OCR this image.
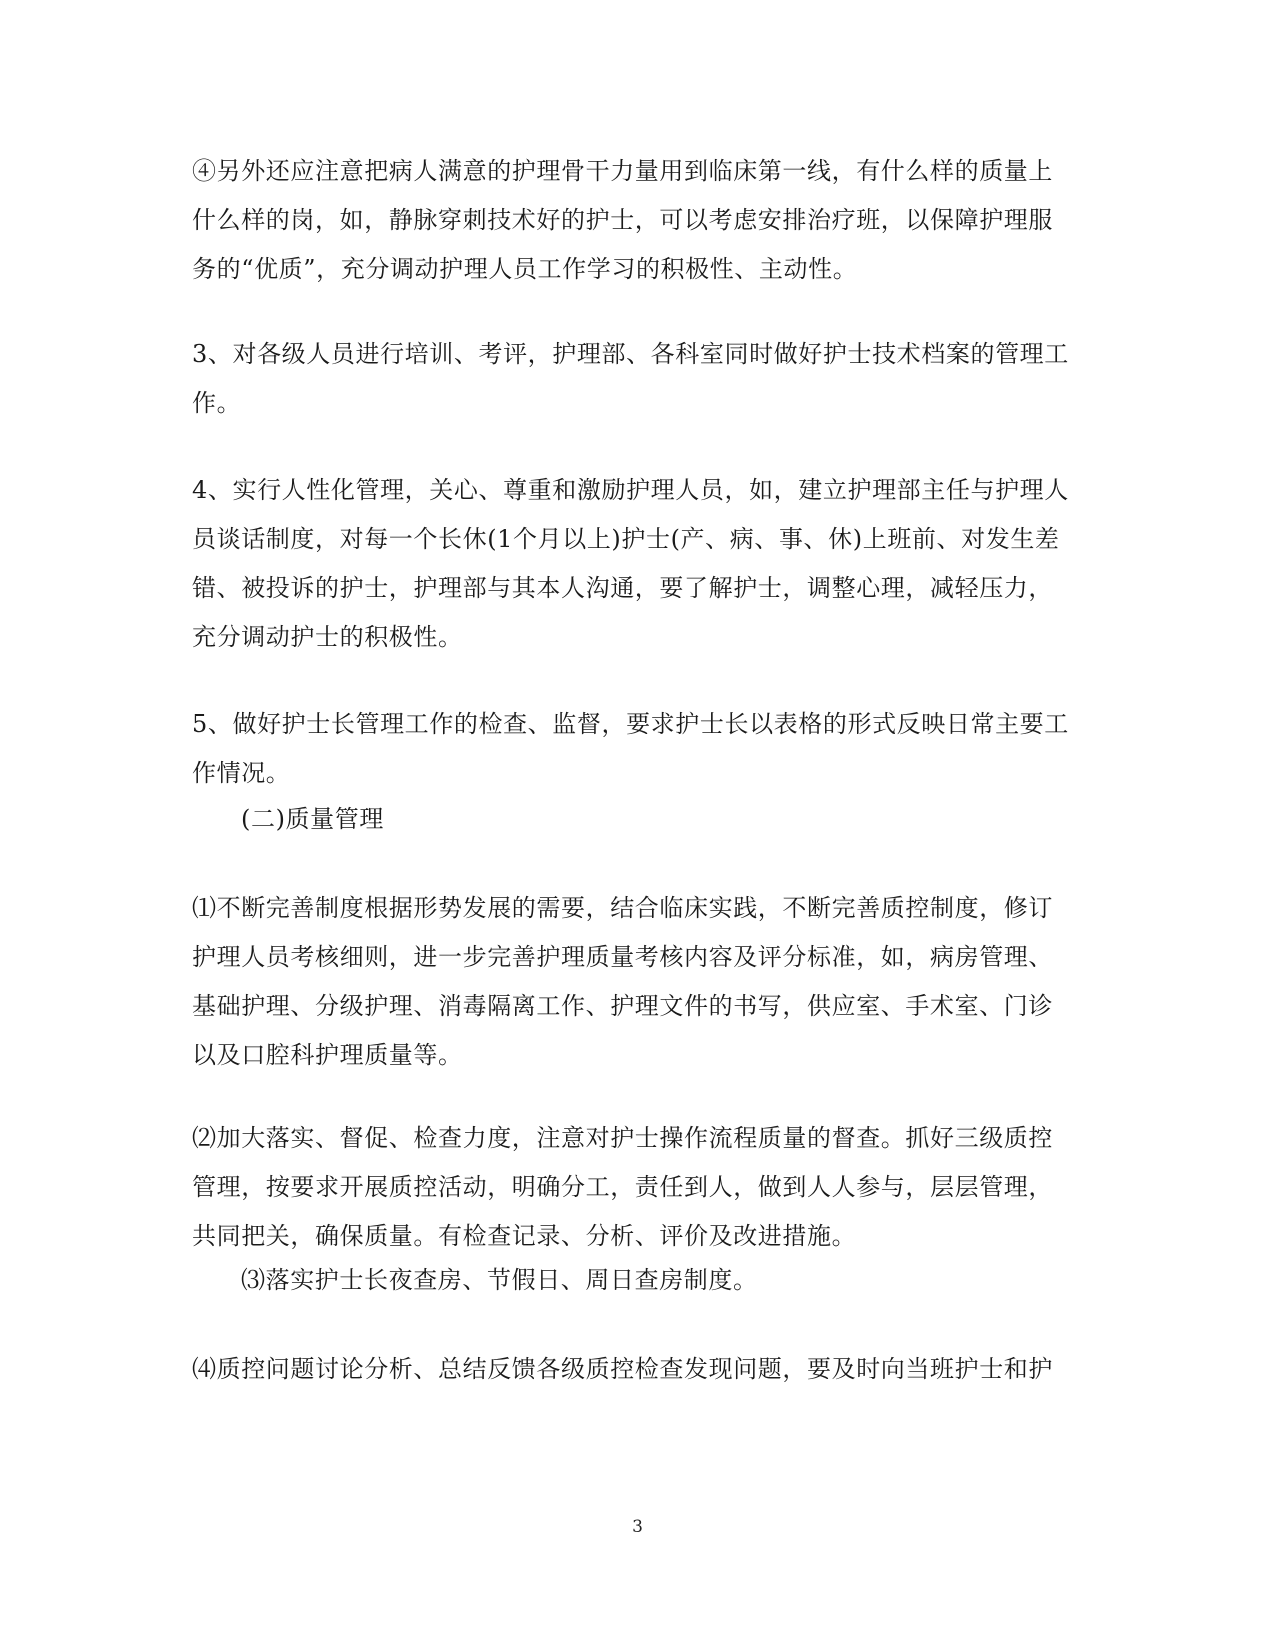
④另外还应注意把病人满意的护理骨干力量用到临床第一线，有什么样的质量上什么样的岗，如，静脉穿刺技术好的护士，可以考虑安排治疗班，以保障护理服务的“优质”，充分调动护理人员工作学习的积极性、主动性。

3、对各级人员进行培训、考评，护理部、各科室同时做好护士技术档案的管理工作。

4、实行人性化管理，关心、尊重和激励护理人员，如，建立护理部主任与护理人员谈话制度，对每一个长休(1个月以上)护士(产、病、事、休)上班前、对发生差错、被投诉的护士，护理部与其本人沟通，要了解护士，调整心理，减轻压力，充分调动护士的积极性。

5、做好护士长管理工作的检查、监督，要求护士长以表格的形式反映日常主要工作情况。

(二)质量管理

⑴不断完善制度根据形势发展的需要，结合临床实践，不断完善质控制度，修订护理人员考核细则，进一步完善护理质量考核内容及评分标准，如，病房管理、基础护理、分级护理、消毒隔离工作、护理文件的书写，供应室、手术室、门诊以及口腔科护理质量等。

⑵加大落实、督促、检查力度，注意对护士操作流程质量的督查。抓好三级质控管理，按要求开展质控活动，明确分工，责任到人，做到人人参与，层层管理，共同把关，确保质量。有检查记录、分析、评价及改进措施。

⑶落实护士长夜查房、节假日、周日查房制度。

⑷质控问题讨论分析、总结反馈各级质控检查发现问题，要及时向当班护士和护

3
